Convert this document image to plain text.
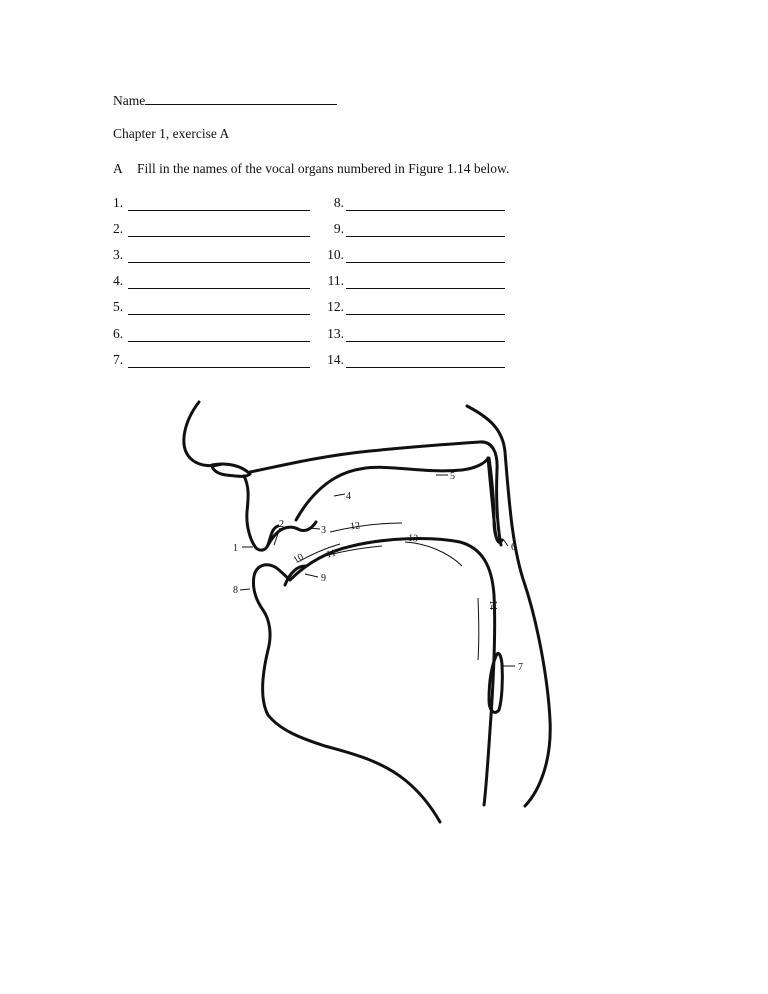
Name
Chapter 1, exercise A
A Fill in the names of the vocal organs numbered in Figure 1.14 below.
1.
2.
3.
4.
5.
6.
7.
8.
9.
10.
11.
12.
13.
14.
1
2
3
4
5
6
7
8
9
10 11
12
13
14
